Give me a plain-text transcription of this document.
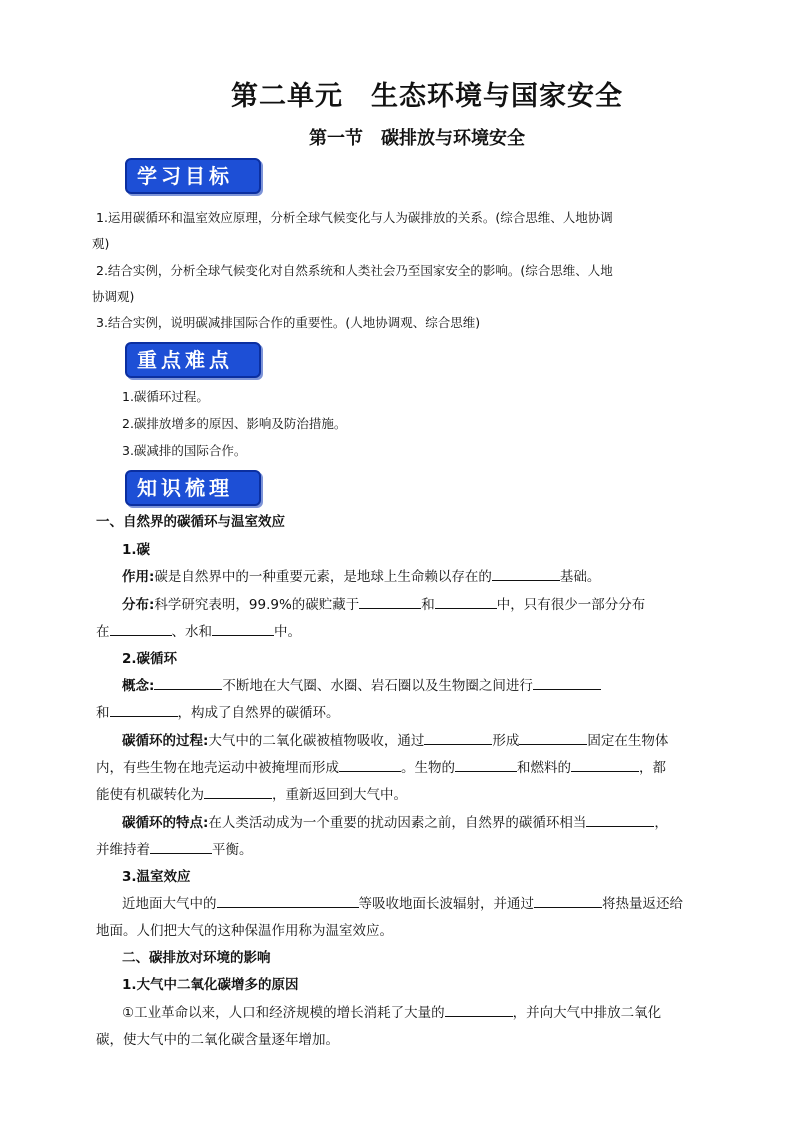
第二单元　生态环境与国家安全
第一节　碳排放与环境安全
学习目标
1.运用碳循环和温室效应原理，分析全球气候变化与人为碳排放的关系。(综合思维、人地协调
观)
2.结合实例，分析全球气候变化对自然系统和人类社会乃至国家安全的影响。(综合思维、人地
协调观)
3.结合实例，说明碳减排国际合作的重要性。(人地协调观、综合思维)
重点难点
1.碳循环过程。
2.碳排放增多的原因、影响及防治措施。
3.碳减排的国际合作。
知识梳理
一、自然界的碳循环与温室效应
1.碳
作用:碳是自然界中的一种重要元素，是地球上生命赖以存在的	基础。
分布:科学研究表明，99.9%的碳贮藏于	和	中，只有很少一部分分布
在	、水和	中。
2.碳循环
概念:	不断地在大气圈、水圈、岩石圈以及生物圈之间进行
和	，构成了自然界的碳循环。
碳循环的过程:大气中的二氧化碳被植物吸收，通过	形成	固定在生物体
内，有些生物在地壳运动中被掩埋而形成	。生物的	和燃料的	，都
能使有机碳转化为	，重新返回到大气中。
碳循环的特点:在人类活动成为一个重要的扰动因素之前，自然界的碳循环相当	，
并维持着	平衡。
3.温室效应
近地面大气中的	等吸收地面长波辐射，并通过	将热量返还给
地面。人们把大气的这种保温作用称为温室效应。
二、碳排放对环境的影响
1.大气中二氧化碳增多的原因
①工业革命以来，人口和经济规模的增长消耗了大量的	，并向大气中排放二氧化
碳，使大气中的二氧化碳含量逐年增加。
